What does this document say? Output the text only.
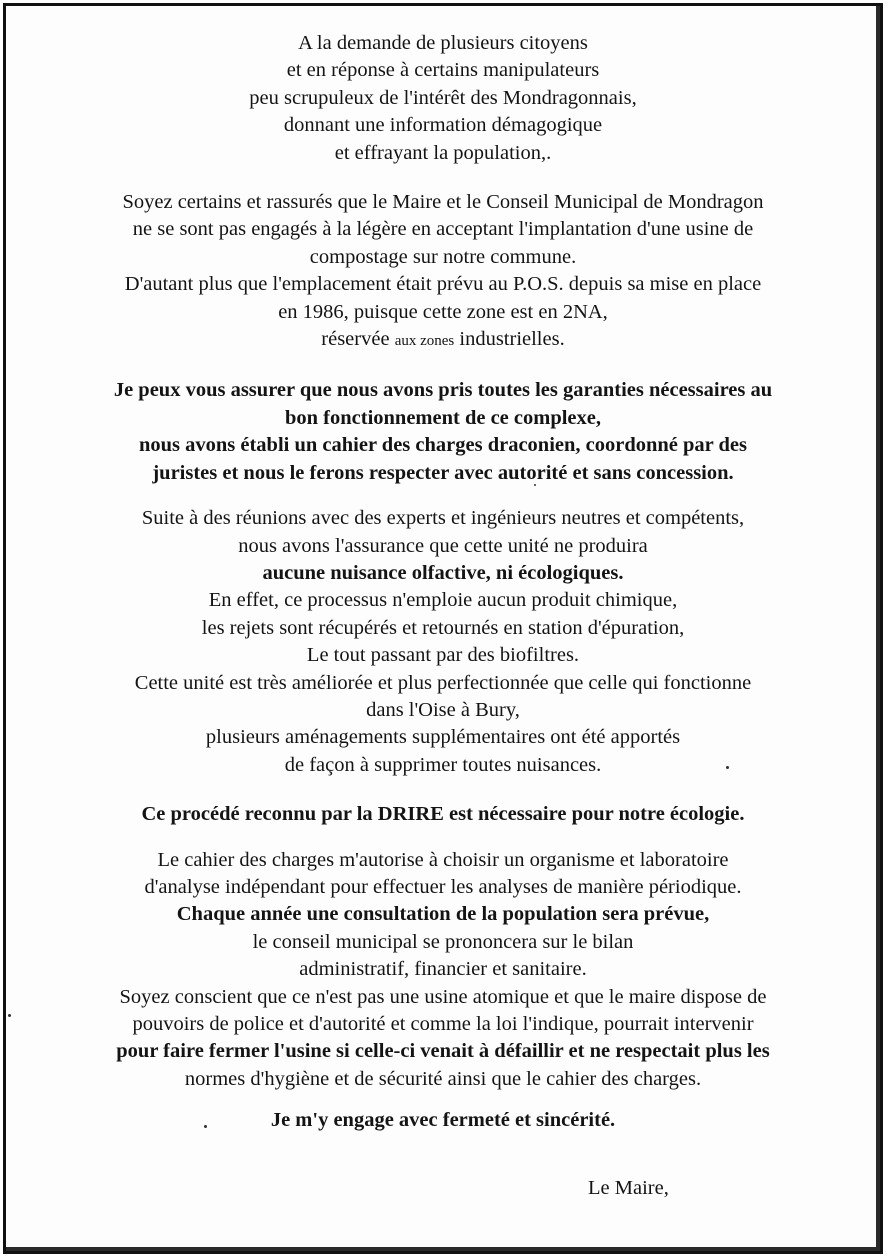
A la demande de plusieurs citoyens
et en réponse à certains manipulateurs
peu scrupuleux de l'intérêt des Mondragonnais,
donnant une information démagogique
et effrayant la population,.

Soyez certains et rassurés que le Maire et le Conseil Municipal de Mondragon
ne se sont pas engagés à la légère en acceptant l'implantation d'une usine de
compostage sur notre commune.
D'autant plus que l'emplacement était prévu au P.O.S. depuis sa mise en place
en 1986, puisque cette zone est en 2NA,
réservée aux zones industrielles.

Je peux vous assurer que nous avons pris toutes les garanties nécessaires au
bon fonctionnement de ce complexe,
nous avons établi un cahier des charges draconien, coordonné par des
juristes et nous le ferons respecter avec autorité et sans concession.

Suite à des réunions avec des experts et ingénieurs neutres et compétents,
nous avons l'assurance que cette unité ne produira
aucune nuisance olfactive, ni écologiques.
En effet, ce processus n'emploie aucun produit chimique,
les rejets sont récupérés et retournés en station d'épuration,
Le tout passant par des biofiltres.
Cette unité est très améliorée et plus perfectionnée que celle qui fonctionne
dans l'Oise à Bury,
plusieurs aménagements supplémentaires ont été apportés
de façon à supprimer toutes nuisances.

Ce procédé reconnu par la DRIRE est nécessaire pour notre écologie.

Le cahier des charges m'autorise à choisir un organisme et laboratoire
d'analyse indépendant pour effectuer les analyses de manière périodique.
Chaque année une consultation de la population sera prévue,
le conseil municipal se prononcera sur le bilan
administratif, financier et sanitaire.
Soyez conscient que ce n'est pas une usine atomique et que le maire dispose de
pouvoirs de police et d'autorité et comme la loi l'indique, pourrait intervenir
pour faire fermer l'usine si celle-ci venait à défaillir et ne respectait plus les
normes d'hygiène et de sécurité ainsi que le cahier des charges.

Je m'y engage avec fermeté et sincérité.

Le Maire,
